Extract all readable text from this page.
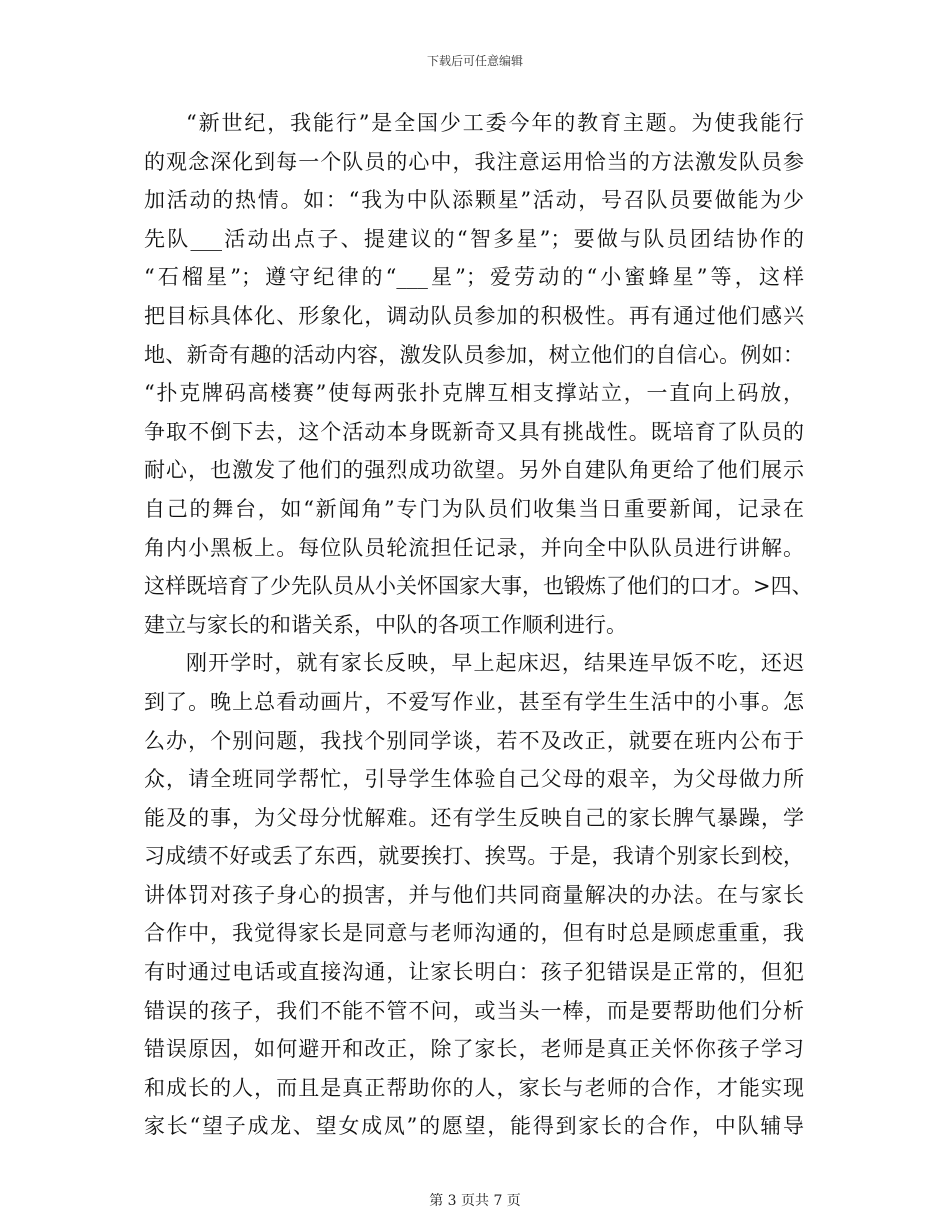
下载后可任意编辑
“新世纪，我能行”是全国少工委今年的教育主题。为使我能行
的观念深化到每一个队员的心中，我注意运用恰当的方法激发队员参
加活动的热情。如：“我为中队添颗星”活动，号召队员要做能为少
先队___活动出点子、提建议的“智多星”；要做与队员团结协作的
“石榴星”；遵守纪律的“___星”；爱劳动的“小蜜蜂星”等，这样
把目标具体化、形象化，调动队员参加的积极性。再有通过他们感兴
地、新奇有趣的活动内容，激发队员参加，树立他们的自信心。例如：
“扑克牌码高楼赛”使每两张扑克牌互相支撑站立，一直向上码放，
争取不倒下去，这个活动本身既新奇又具有挑战性。既培育了队员的
耐心，也激发了他们的强烈成功欲望。另外自建队角更给了他们展示
自己的舞台，如“新闻角”专门为队员们收集当日重要新闻，记录在
角内小黑板上。每位队员轮流担任记录，并向全中队队员进行讲解。
这样既培育了少先队员从小关怀国家大事，也锻炼了他们的口才。>四、
建立与家长的和谐关系，中队的各项工作顺利进行。
刚开学时，就有家长反映，早上起床迟，结果连早饭不吃，还迟
到了。晚上总看动画片，不爱写作业，甚至有学生生活中的小事。怎
么办，个别问题，我找个别同学谈，若不及改正，就要在班内公布于
众，请全班同学帮忙，引导学生体验自己父母的艰辛，为父母做力所
能及的事，为父母分忧解难。还有学生反映自己的家长脾气暴躁，学
习成绩不好或丢了东西，就要挨打、挨骂。于是，我请个别家长到校，
讲体罚对孩子身心的损害，并与他们共同商量解决的办法。在与家长
合作中，我觉得家长是同意与老师沟通的，但有时总是顾虑重重，我
有时通过电话或直接沟通，让家长明白：孩子犯错误是正常的，但犯
错误的孩子，我们不能不管不问，或当头一棒，而是要帮助他们分析
错误原因，如何避开和改正，除了家长，老师是真正关怀你孩子学习
和成长的人，而且是真正帮助你的人，家长与老师的合作，才能实现
家长“望子成龙、望女成凤”的愿望，能得到家长的合作，中队辅导
第 3 页共 7 页
